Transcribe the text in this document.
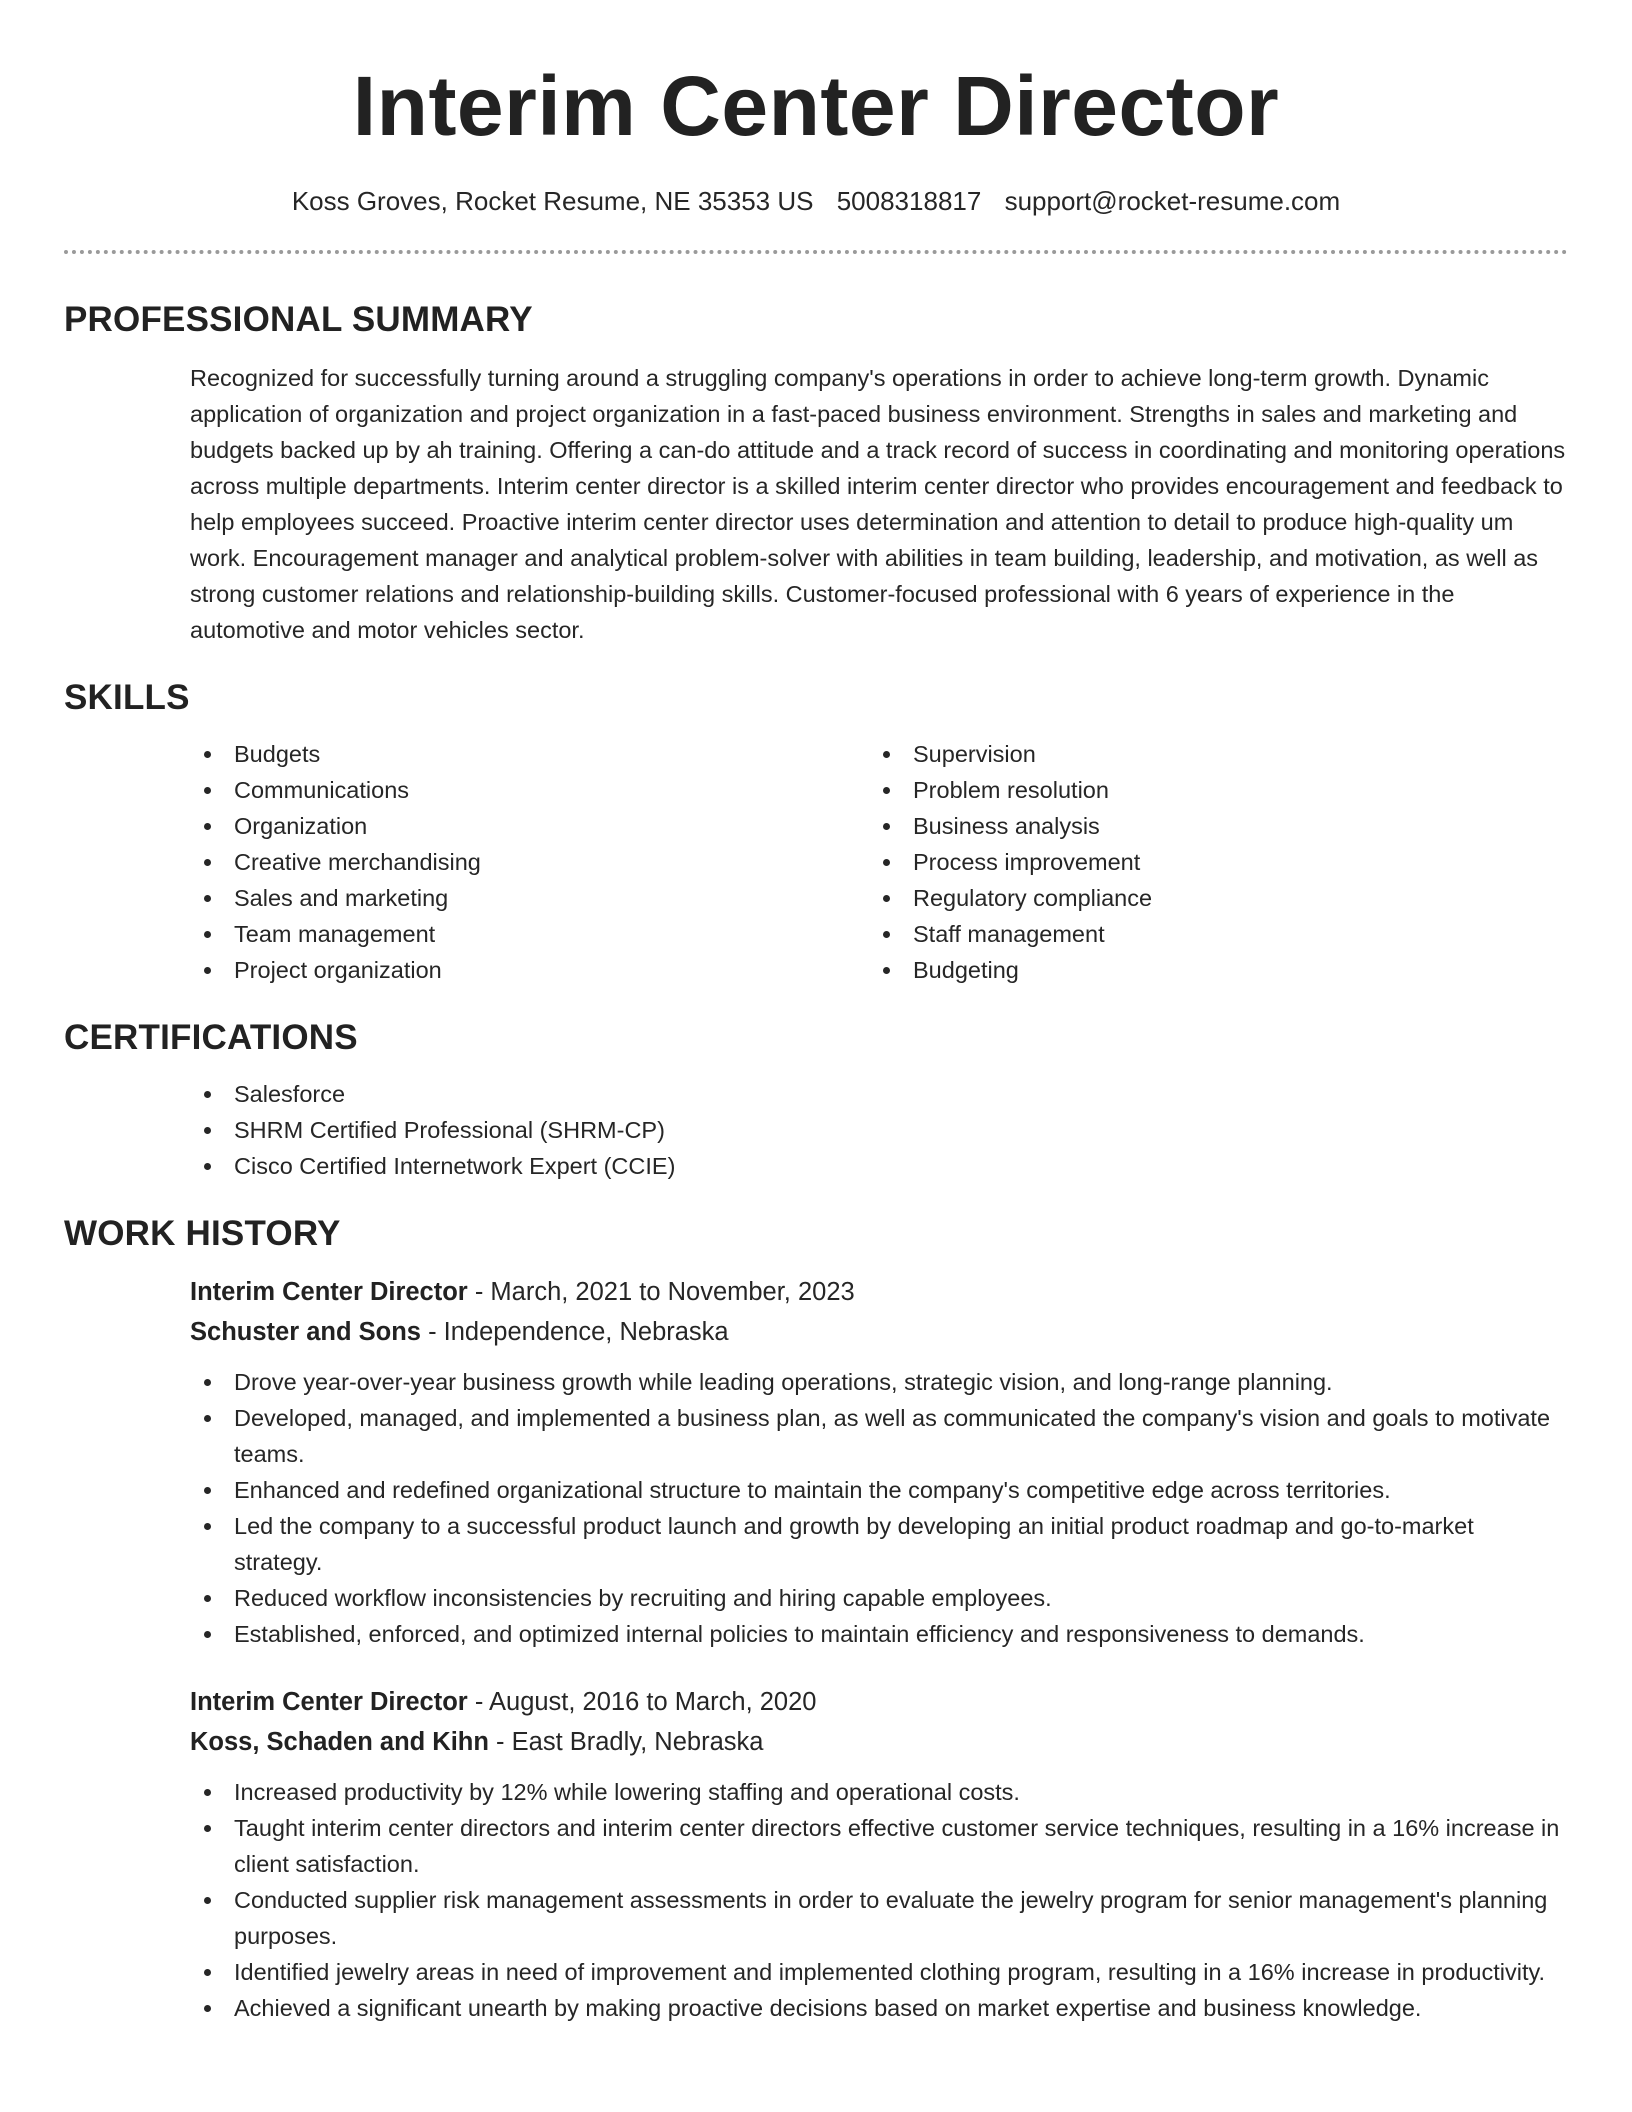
Interim Center Director
Koss Groves, Rocket Resume, NE 35353 US 5008318817 support@rocket-resume.com
PROFESSIONAL SUMMARY

Recognized for successfully turning around a struggling company's operations in order to achieve long-term growth. Dynamic application of organization and project organization in a fast-paced business environment. Strengths in sales and marketing and budgets backed up by ah training. Offering a can-do attitude and a track record of success in coordinating and monitoring operations across multiple departments. Interim center director is a skilled interim center director who provides encouragement and feedback to help employees succeed. Proactive interim center director uses determination and attention to detail to produce high-quality um work. Encouragement manager and analytical problem-solver with abilities in team building, leadership, and motivation, as well as strong customer relations and relationship-building skills. Customer-focused professional with 6 years of experience in the automotive and motor vehicles sector.

SKILLS
Budgets
Communications
Organization
Creative merchandising
Sales and marketing
Team management
Project organization
Supervision
Problem resolution
Business analysis
Process improvement
Regulatory compliance
Staff management
Budgeting
CERTIFICATIONS
Salesforce
SHRM Certified Professional (SHRM-CP)
Cisco Certified Internetwork Expert (CCIE)
WORK HISTORY
Interim Center Director - March, 2021 to November, 2023
Schuster and Sons - Independence, Nebraska
Drove year-over-year business growth while leading operations, strategic vision, and long-range planning.
Developed, managed, and implemented a business plan, as well as communicated the company's vision and goals to motivate teams.
Enhanced and redefined organizational structure to maintain the company's competitive edge across territories.
Led the company to a successful product launch and growth by developing an initial product roadmap and go-to-market strategy.
Reduced workflow inconsistencies by recruiting and hiring capable employees.
Established, enforced, and optimized internal policies to maintain efficiency and responsiveness to demands.
Interim Center Director - August, 2016 to March, 2020
Koss, Schaden and Kihn - East Bradly, Nebraska
Increased productivity by 12% while lowering staffing and operational costs.
Taught interim center directors and interim center directors effective customer service techniques, resulting in a 16% increase in client satisfaction.
Conducted supplier risk management assessments in order to evaluate the jewelry program for senior management's planning purposes.
Identified jewelry areas in need of improvement and implemented clothing program, resulting in a 16% increase in productivity.
Achieved a significant unearth by making proactive decisions based on market expertise and business knowledge.
